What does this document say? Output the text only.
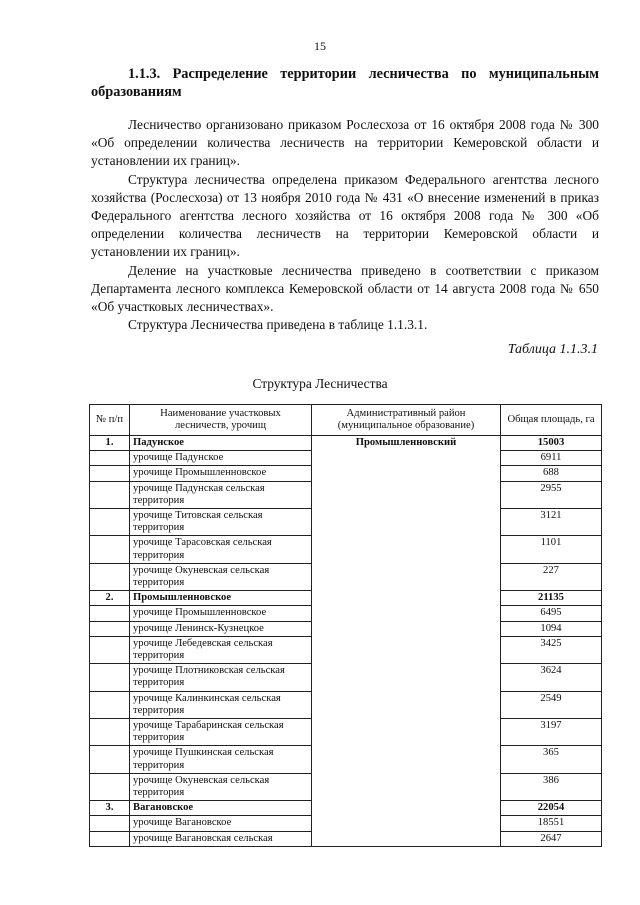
15
1.1.3. Распределение территории лесничества по муниципальным образованиям

Лесничество организовано приказом Рослесхоза от 16 октября 2008 года № 300 «Об определении количества лесничеств на территории Кемеровской области и установлении их границ».

Структура лесничества определена приказом Федерального агентства лесного хозяйства (Рослесхоза) от 13 ноября 2010 года № 431 «О внесение изменений в приказ Федерального агентства лесного хозяйства от 16 октября 2008 года № 300 «Об определении количества лесничеств на территории Кемеровской области и установлении их границ».

Деление на участковые лесничества приведено в соответствии с приказом Департамента лесного комплекса Кемеровской области от 14 августа 2008 года № 650 «Об участковых лесничествах».

Структура Лесничества приведена в таблице 1.1.3.1.

Таблица 1.1.3.1
Структура Лесничества
№ п/п	Наименование участковых лесничеств, урочищ	Административный район (муниципальное образование)	Общая площадь, га
1.	Падунское	Промышленновский	15003
	урочище Падунское		6911
	урочище Промышленновское		688
	урочище Падунская сельская территория		2955
	урочище Титовская сельская территория		3121
	урочище Тарасовская сельская территория		1101
	урочище Окуневская сельская территория		227
2.	Промышленновское		21135
	урочище Промышленновское		6495
	урочище Ленинск-Кузнецкое		1094
	урочище Лебедевская сельская территория		3425
	урочище Плотниковская сельская территория		3624
	урочище Калинкинская сельская территория		2549
	урочище Тарабаринская сельская территория		3197
	урочище Пушкинская сельская территория		365
	урочище Окуневская сельская территория		386
3.	Вагановское		22054
	урочище Вагановское		18551
	урочище Вагановская сельская		2647
